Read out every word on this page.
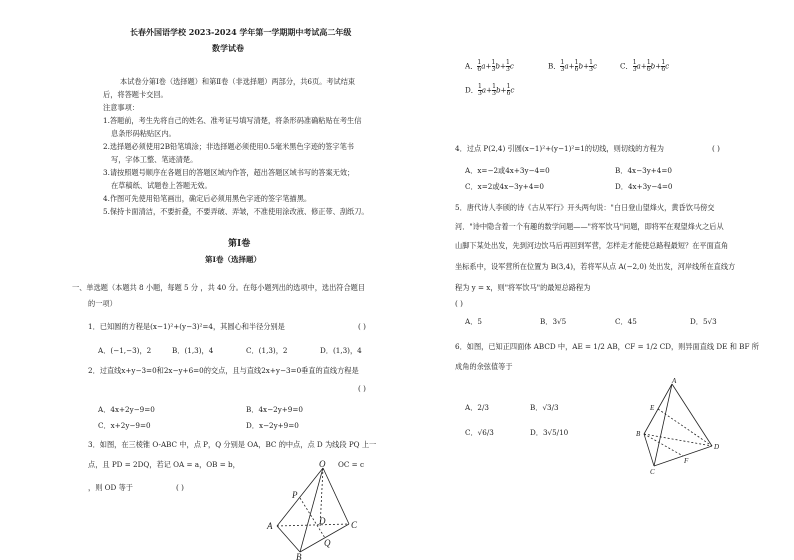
长春外国语学校 2023-2024 学年第一学期期中考试高二年级
数学试卷
本试卷分第Ⅰ卷（选择题）和第Ⅱ卷（非选择题）两部分，共6页。考试结束
后，将答题卡交回。
注意事项：
1.答题前，考生先将自己的姓名、准考证号填写清楚，将条形码准确粘贴在考生信
息条形码粘贴区内。
2.选择题必须使用2B铅笔填涂；非选择题必须使用0.5毫米黑色字迹的签字笔书
写，字体工整、笔迹清楚。
3.请按照题号顺序在各题目的答题区域内作答，超出答题区域书写的答案无效；
在草稿纸、试题卷上答题无效。
4.作图可先使用铅笔画出，确定后必须用黑色字迹的签字笔描黑。
5.保持卡面清洁，不要折叠，不要弄破、弄皱，不准使用涂改液、修正带、刮纸刀。
第Ⅰ卷
第Ⅰ卷（选择题）
一、单选题（本题共 8 小题，每题 5 分 ，共 40 分。在每小题列出的选项中，选出符合题目
的一项）
1．已知圆的方程是(x−1)²+(y−3)²=4，其圆心和半径分别是	( )
A．(−1,−3)，2	B．(1,3)，4	C．(1,3)，2	D．(1,3)，4
2．过直线x+y−3=0和2x−y+6=0的交点，且与直线2x+y−3=0垂直的直线方程是
( )
A．4x+2y−9=0	B．4x−2y+9=0
C．x+2y−9=0	D．x−2y+9=0
3．如图，在三棱锥 O-ABC 中，点 P，Q 分别是 OA，BC 的中点，点 D 为线段 PQ 上一
点，且 PD = 2DQ，若记 OA = a，OB = b，	OC = c
，则 OD 等于	( )
O
P
D
A	C
B
Q
A． $\frac{1}{6} a+ \frac{1}{3} b+ \frac{1}{3}$ c	B． $\frac{1}{3} a+ \frac{1}{6} b+ \frac{1}{3}$ c	C． $\frac{1}{3} a+ \frac{1}{6} b+ \frac{1}{6}$ c
D． $\frac{1}{3} a+ \frac{1}{3} b+ \frac{1}{6}$ c
4．过点 P(2,4) 引圆(x−1)²+(y−1)²=1的切线，则切线的方程为	( )
A．x=−2或4x+3y−4=0	B．4x−3y+4=0
C．x=2或4x−3y+4=0	D．4x+3y−4=0
5．唐代诗人李颀的诗《古从军行》开头两句说："白日登山望烽火，黄昏饮马傍交
河．"诗中隐含着一个有趣的数学问题——"将军饮马"问题，即将军在观望烽火之后从
山脚下某处出发，先到河边饮马后再回到军营，怎样走才能使总路程最短？在平面直角
坐标系中，设军营所在位置为 B(3,4)，若将军从点 A(−2,0) 处出发，河岸线所在直线方
程为 y = x，则"将军饮马"的最短总路程为
( )
A．5	B．3√5	C．45	D．5√3
6．如图，已知正四面体 ABCD 中，AE = 1/2 AB，CF = 1/2 CD，则异面直线 DE 和 BF 所
成角的余弦值等于
A．2/3	B．√3/3
C．√6/3	D．3√5/10
A
E
B
D
F
C
